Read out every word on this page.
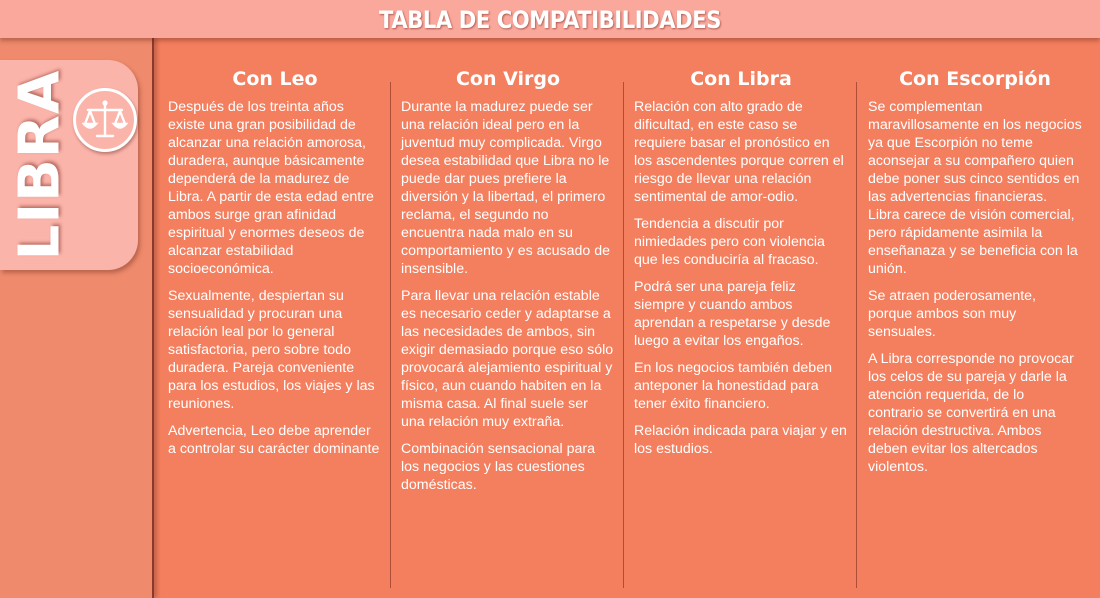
TABLA DE COMPATIBILIDADES
LIBRA	Con Leo

Después de los treinta años existe una gran posibilidad de alcanzar una relación amorosa, duradera, aunque básicamente dependerá de la madurez de Libra. A partir de esta edad entre ambos surge gran afinidad espiritual y enormes deseos de alcanzar estabilidad socioeconómica.

Sexualmente, despiertan su sensualidad y procuran una relación leal por lo general satisfactoria, pero sobre todo duradera. Pareja conveniente para los estudios, los viajes y las reuniones.

Advertencia, Leo debe aprender a controlar su carácter dominante

Con Virgo

Durante la madurez puede ser una relación ideal pero en la juventud muy complicada. Virgo desea estabilidad que Libra no le puede dar pues prefiere la diversión y la libertad, el primero reclama, el segundo no encuentra nada malo en su comportamiento y es acusado de insensible.

Para llevar una relación estable es necesario ceder y adaptarse a las necesidades de ambos, sin exigir demasiado porque eso sólo provocará alejamiento espiritual y físico, aun cuando habiten en la misma casa. Al final suele ser una relación muy extraña.

Combinación sensacional para los negocios y las cuestiones domésticas.

Con Libra

Relación con alto grado de dificultad, en este caso se requiere basar el pronóstico en los ascendentes porque corren el riesgo de llevar una relación sentimental de amor-odio.

Tendencia a discutir por nimiedades pero con violencia que les conduciría al fracaso.

Podrá ser una pareja feliz siempre y cuando ambos aprendan a respetarse y desde luego a evitar los engaños.

En los negocios también deben anteponer la honestidad para tener éxito financiero.

Relación indicada para viajar y en los estudios.

Con Escorpión

Se complementan maravillosamente en los negocios ya que Escorpión no teme aconsejar a su compañero quien debe poner sus cinco sentidos en las advertencias financieras. Libra carece de visión comercial, pero rápidamente asimila la enseñanaza y se beneficia con la unión.

Se atraen poderosamente, porque ambos son muy sensuales.

A Libra corresponde no provocar los celos de su pareja y darle la atención requerida, de lo contrario se convertirá en una relación destructiva. Ambos deben evitar los altercados violentos.
